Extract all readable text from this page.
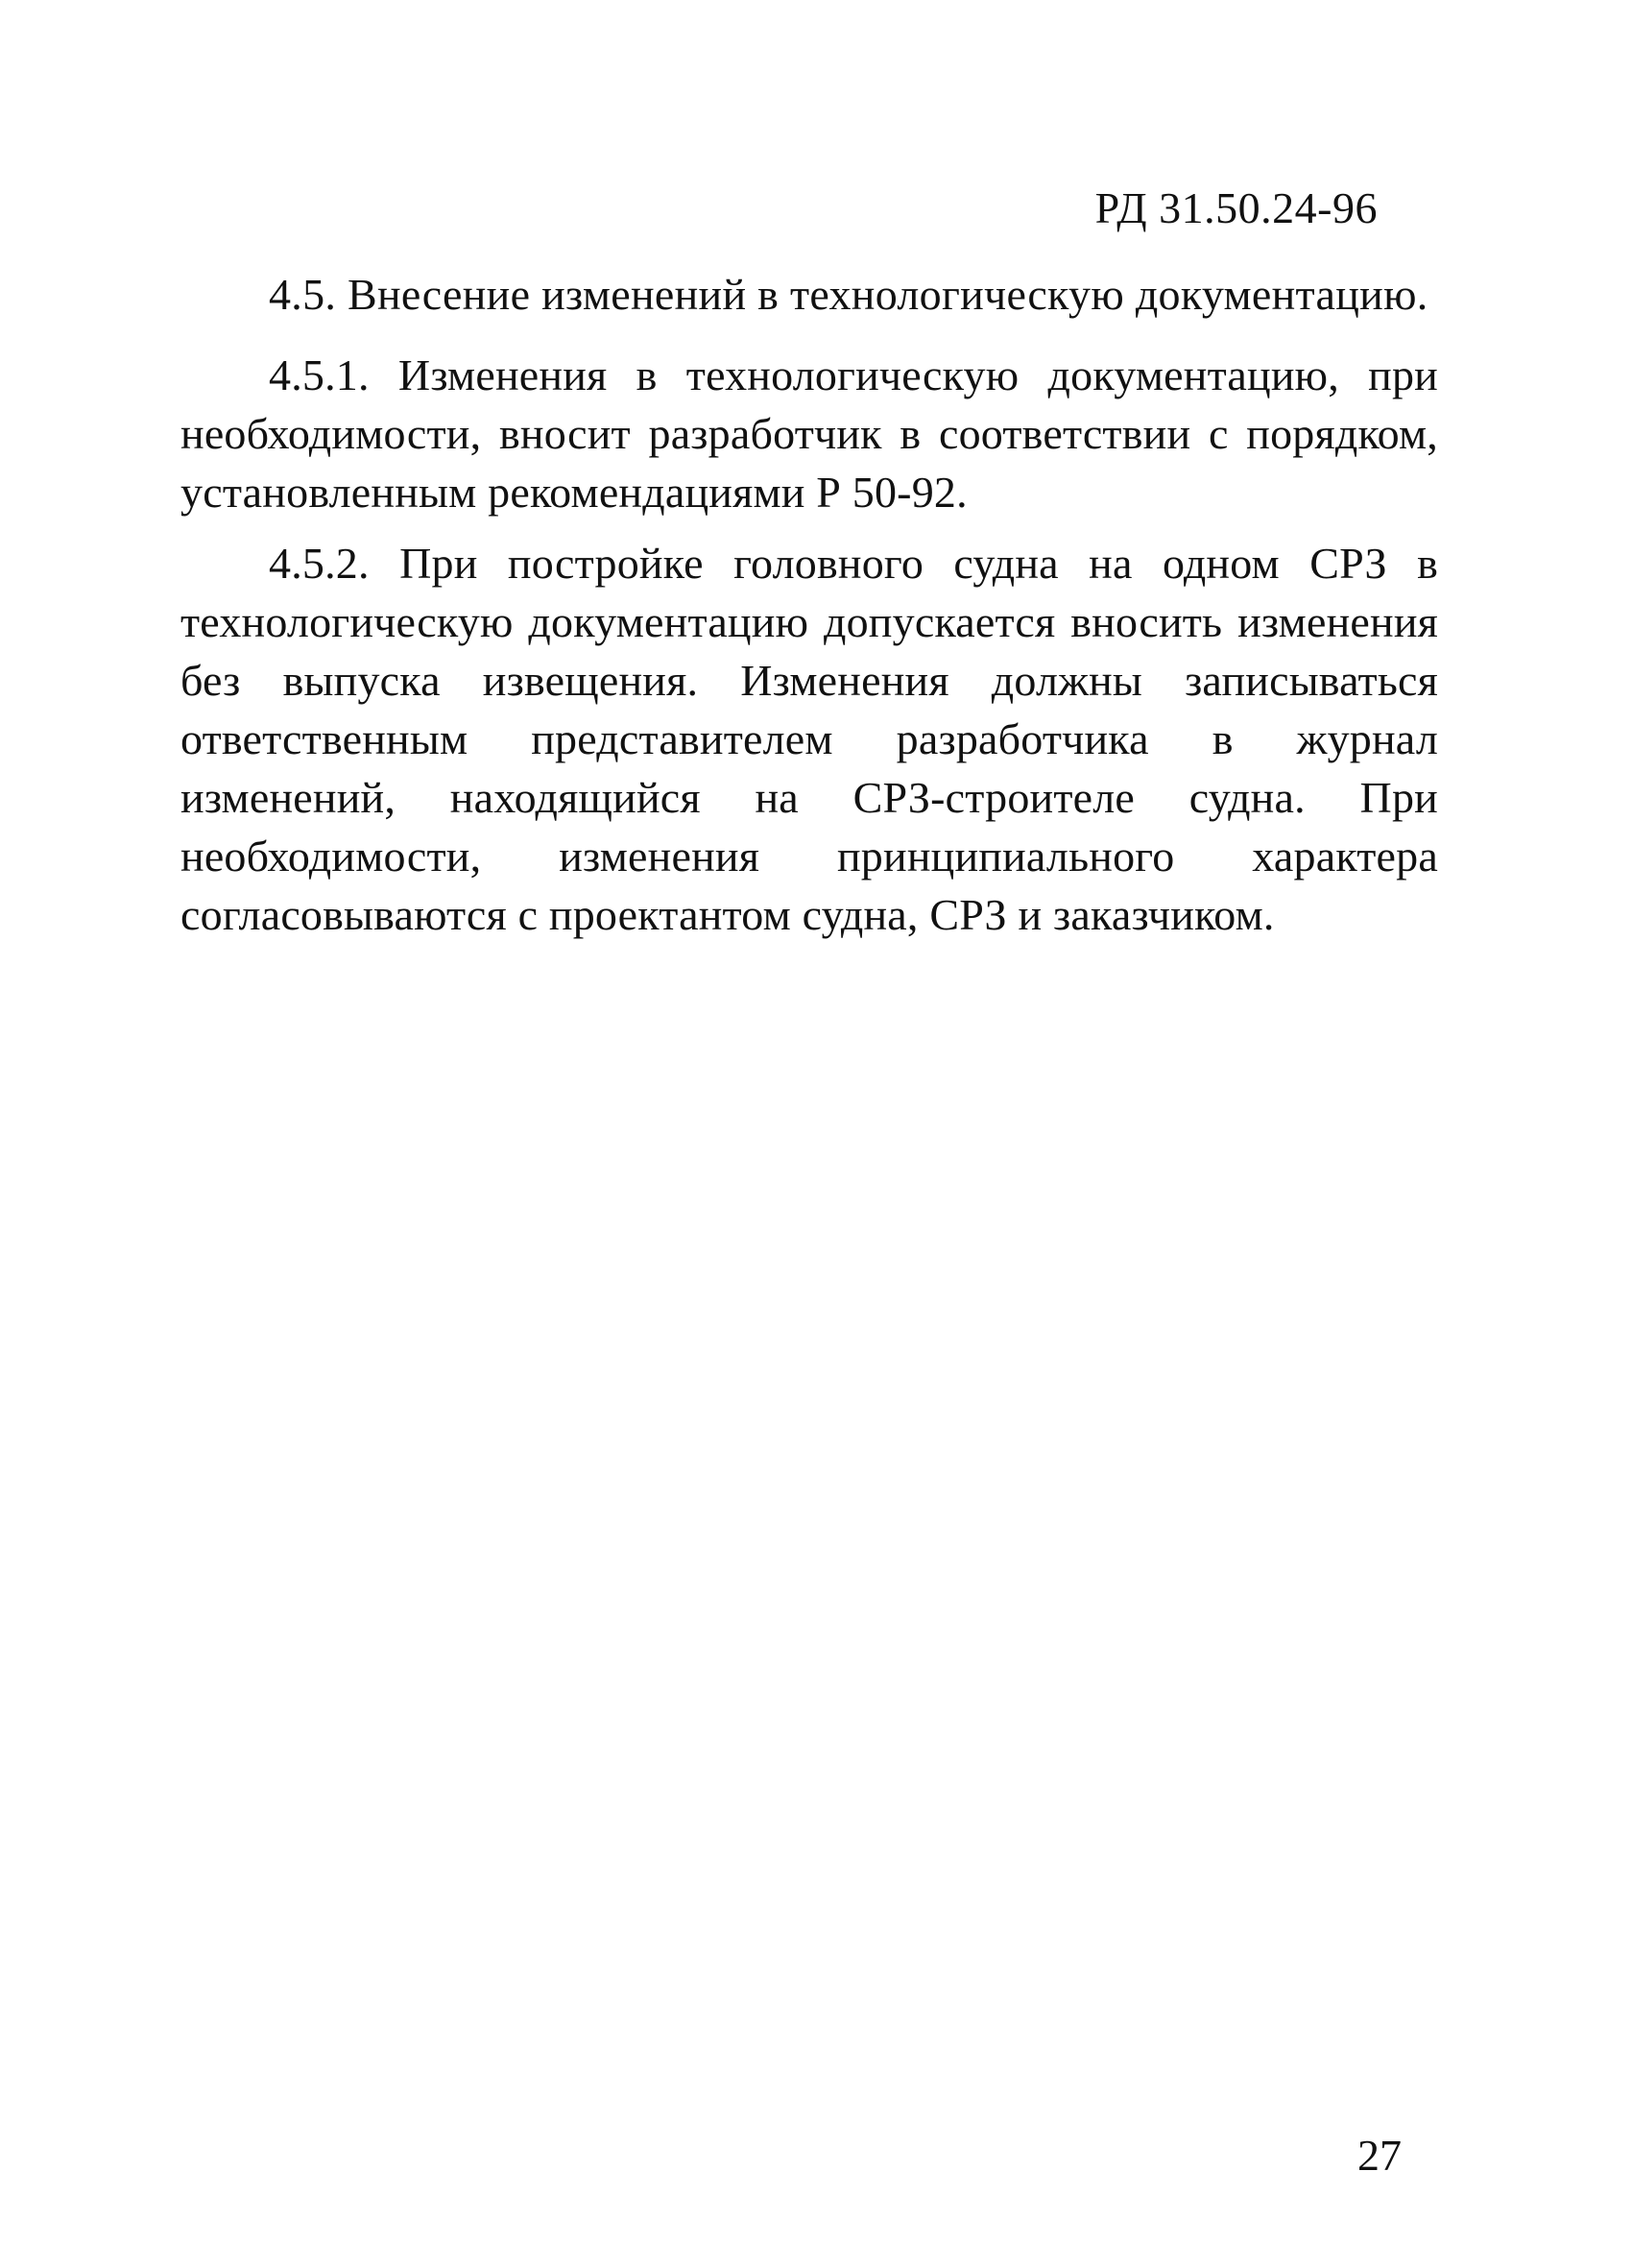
РД 31.50.24-96
4.5. Внесение изменений в технологическую документацию.

4.5.1. Изменения в технологическую документацию, при необходимости, вносит разработчик в соответствии с порядком, установленным рекомендациями Р 50-92.

4.5.2. При постройке головного судна на одном СРЗ в технологическую документацию допускается вносить изменения без выпуска извещения. Изменения должны записываться ответственным представителем разработчика в журнал изменений, находящийся на СРЗ-строителе судна. При необходимости, изменения принципиального характера согласовываются с проектантом судна, СРЗ и заказчиком.

27
